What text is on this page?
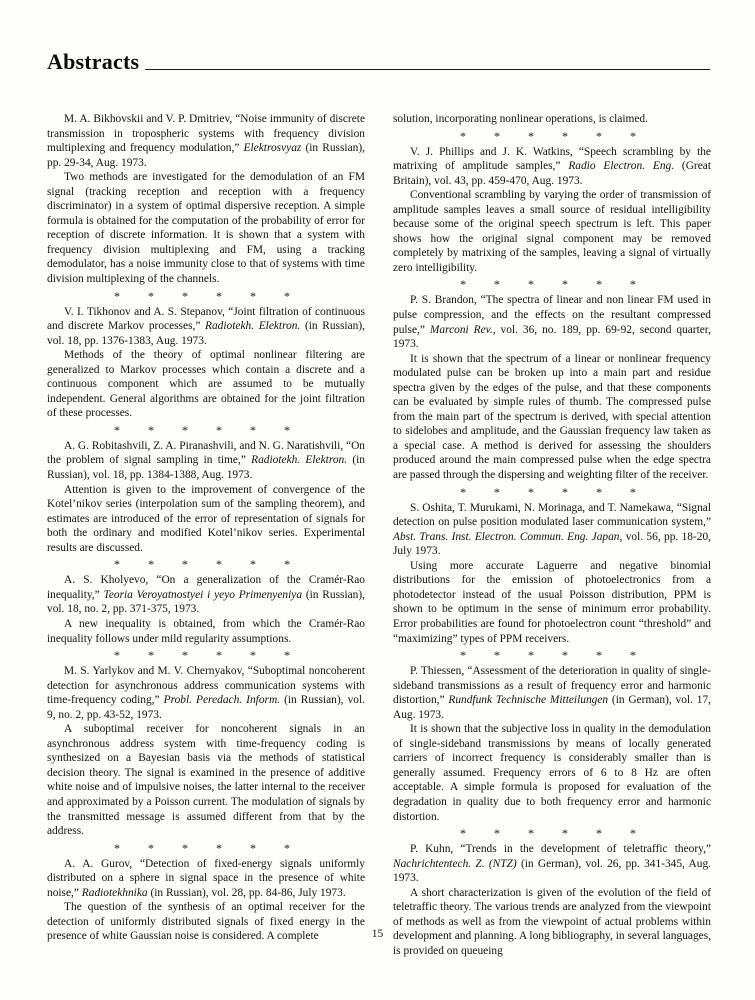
Abstracts

M. A. Bikhovskii and V. P. Dmitriev, “Noise immunity of discrete transmission in tropospheric systems with frequency division multiplexing and frequency modulation,” Elektrosvyaz (in Russian), pp. 29-34, Aug. 1973.

Two methods are investigated for the demodulation of an FM signal (tracking reception and reception with a frequency discriminator) in a system of optimal dispersive reception. A simple formula is obtained for the computation of the probability of error for reception of discrete information. It is shown that a system with frequency division multiplexing and FM, using a tracking demodulator, has a noise immunity close to that of systems with time division multiplexing of the channels.

*	*	*	*	*	*

V. I. Tikhonov and A. S. Stepanov, “Joint filtration of continuous and discrete Markov processes,” Radiotekh. Elektron. (in Russian), vol. 18, pp. 1376-1383, Aug. 1973.

Methods of the theory of optimal nonlinear filtering are generalized to Markov processes which contain a discrete and a continuous component which are assumed to be mutually independent. General algorithms are obtained for the joint filtration of these processes.

*	*	*	*	*	*

A. G. Robitashvili, Z. A. Piranashvili, and N. G. Naratishvili, “On the problem of signal sampling in time,” Radiotekh. Elektron. (in Russian), vol. 18, pp. 1384-1388, Aug. 1973.

Attention is given to the improvement of convergence of the Kotel’nikov series (interpolation sum of the sampling theorem), and estimates are introduced of the error of representation of signals for both the ordinary and modified Kotel’nikov series. Experimental results are discussed.

*	*	*	*	*	*

A. S. Kholyevo, “On a generalization of the Cramér-Rao inequality,” Teoria Veroyatnostyei i yeyo Primenyeniya (in Russian), vol. 18, no. 2, pp. 371-375, 1973.

A new inequality is obtained, from which the Cramér-Rao inequality follows under mild regularity assumptions.

*	*	*	*	*	*

M. S. Yarlykov and M. V. Chernyakov, “Suboptimal noncoherent detection for asynchronous address communication systems with time-frequency coding,” Probl. Peredach. Inform. (in Russian), vol. 9, no. 2, pp. 43-52, 1973.

A suboptimal receiver for noncoherent signals in an asynchronous address system with time-frequency coding is synthesized on a Bayesian basis via the methods of statistical decision theory. The signal is examined in the presence of additive white noise and of impulsive noises, the latter internal to the receiver and approximated by a Poisson current. The modulation of signals by the transmitted message is assumed different from that by the address.

*	*	*	*	*	*

A. A. Gurov, “Detection of fixed-energy signals uniformly distributed on a sphere in signal space in the presence of white noise,” Radiotekhnika (in Russian), vol. 28, pp. 84-86, July 1973.

The question of the synthesis of an optimal receiver for the detection of uniformly distributed signals of fixed energy in the presence of white Gaussian noise is considered. A complete

solution, incorporating nonlinear operations, is claimed.

*	*	*	*	*	*

V. J. Phillips and J. K. Watkins, “Speech scrambling by the matrixing of amplitude samples,” Radio Electron. Eng. (Great Britain), vol. 43, pp. 459-470, Aug. 1973.

Conventional scrambling by varying the order of transmission of amplitude samples leaves a small source of residual intelligibility because some of the original speech spectrum is left. This paper shows how the original signal component may be removed completely by matrixing of the samples, leaving a signal of virtually zero intelligibility.

*	*	*	*	*	*

P. S. Brandon, “The spectra of linear and non linear FM used in pulse compression, and the effects on the resultant compressed pulse,” Marconi Rev., vol. 36, no. 189, pp. 69-92, second quarter, 1973.

It is shown that the spectrum of a linear or nonlinear frequency modulated pulse can be broken up into a main part and residue spectra given by the edges of the pulse, and that these components can be evaluated by simple rules of thumb. The compressed pulse from the main part of the spectrum is derived, with special attention to sidelobes and amplitude, and the Gaussian frequency law taken as a special case. A method is derived for assessing the shoulders produced around the main compressed pulse when the edge spectra are passed through the dispersing and weighting filter of the receiver.

*	*	*	*	*	*

S. Oshita, T. Murukami, N. Morinaga, and T. Namekawa, “Signal detection on pulse position modulated laser communication system,” Abst. Trans. Inst. Electron. Commun. Eng. Japan, vol. 56, pp. 18-20, July 1973.

Using more accurate Laguerre and negative binomial distributions for the emission of photoelectronics from a photodetector instead of the usual Poisson distribution, PPM is shown to be optimum in the sense of minimum error probability. Error probabilities are found for photoelectron count “threshold” and “maximizing” types of PPM receivers.

*	*	*	*	*	*

P. Thiessen, “Assessment of the deterioration in quality of single-sideband transmissions as a result of frequency error and harmonic distortion,” Rundfunk Technische Mitteilungen (in German), vol. 17, Aug. 1973.

It is shown that the subjective loss in quality in the demodulation of single-sideband transmissions by means of locally generated carriers of incorrect frequency is considerably smaller than is generally assumed. Frequency errors of 6 to 8 Hz are often acceptable. A simple formula is proposed for evaluation of the degradation in quality due to both frequency error and harmonic distortion.

*	*	*	*	*	*

P. Kuhn, “Trends in the development of teletraffic theory,” Nachrichtentech. Z. (NTZ) (in German), vol. 26, pp. 341-345, Aug. 1973.

A short characterization is given of the evolution of the field of teletraffic theory. The various trends are analyzed from the viewpoint of methods as well as from the viewpoint of actual problems within development and planning. A long bibliography, in several languages, is provided on queueing

15
